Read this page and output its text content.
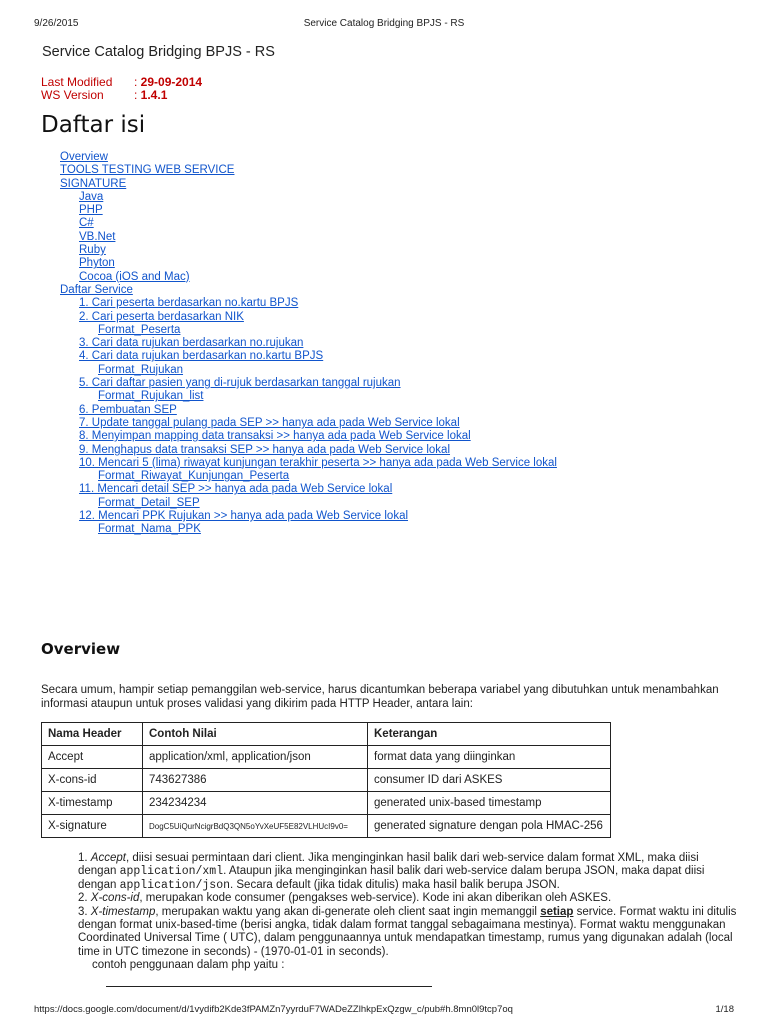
9/26/2015	Service Catalog Bridging BPJS - RS
Service Catalog Bridging BPJS - RS
Last Modified : 29-09-2014
WS Version	: 1.4.1
Daftar isi
Overview
TOOLS TESTING WEB SERVICE
SIGNATURE
Java
PHP
C#
VB.Net
Ruby
Phyton
Cocoa (iOS and Mac)
Daftar Service
1. Cari peserta berdasarkan no.kartu BPJS
2. Cari peserta berdasarkan NIK
Format_Peserta
3. Cari data rujukan berdasarkan no.rujukan
4. Cari data rujukan berdasarkan no.kartu BPJS
Format_Rujukan
5. Cari daftar pasien yang di-rujuk berdasarkan tanggal rujukan
Format_Rujukan_list
6. Pembuatan SEP
7. Update tanggal pulang pada SEP >> hanya ada pada Web Service lokal
8. Menyimpan mapping data transaksi >> hanya ada pada Web Service lokal
9. Menghapus data transaksi SEP >> hanya ada pada Web Service lokal
10. Mencari 5 (lima) riwayat kunjungan terakhir peserta >> hanya ada pada Web Service lokal
Format_Riwayat_Kunjungan_Peserta
11. Mencari detail SEP >> hanya ada pada Web Service lokal
Format_Detail_SEP
12. Mencari PPK Rujukan >> hanya ada pada Web Service lokal
Format_Nama_PPK
Overview
Secara umum, hampir setiap pemanggilan web-service, harus dicantumkan beberapa variabel yang dibutuhkan untuk menambahkan informasi ataupun untuk proses validasi yang dikirim pada HTTP Header, antara lain:
Nama Header	Contoh Nilai	Keterangan
Accept	application/xml, application/json	format data yang diinginkan
X-cons-id	743627386	consumer ID dari ASKES
X-timestamp	234234234	generated unix-based timestamp
X-signature	DogC5UiQurNcigrBdQ3QN5oYvXeUF5E82VLHUcI9v0=	generated signature dengan pola HMAC-256

1. Accept, diisi sesuai permintaan dari client. Jika menginginkan hasil balik dari web-service dalam format XML, maka diisi dengan application/xml. Ataupun jika menginginkan hasil balik dari web-service dalam berupa JSON, maka dapat diisi dengan application/json. Secara default (jika tidak ditulis) maka hasil balik berupa JSON.

2. X-cons-id, merupakan kode consumer (pengakses web-service). Kode ini akan diberikan oleh ASKES.

3. X-timestamp, merupakan waktu yang akan di-generate oleh client saat ingin memanggil setiap service. Format waktu ini ditulis dengan format unix-based-time (berisi angka, tidak dalam format tanggal sebagaimana mestinya). Format waktu menggunakan Coordinated Universal Time ( UTC), dalam penggunaannya untuk mendapatkan timestamp, rumus yang digunakan adalah (local time in UTC timezone in seconds) - (1970-01-01 in seconds).

contoh penggunaan dalam php yaitu :

https://docs.google.com/document/d/1vydifb2Kde3fPAMZn7yyrduF7WADeZZlhkpExQzgw_c/pub#h.8mn0l9tcp7oq	1/18
